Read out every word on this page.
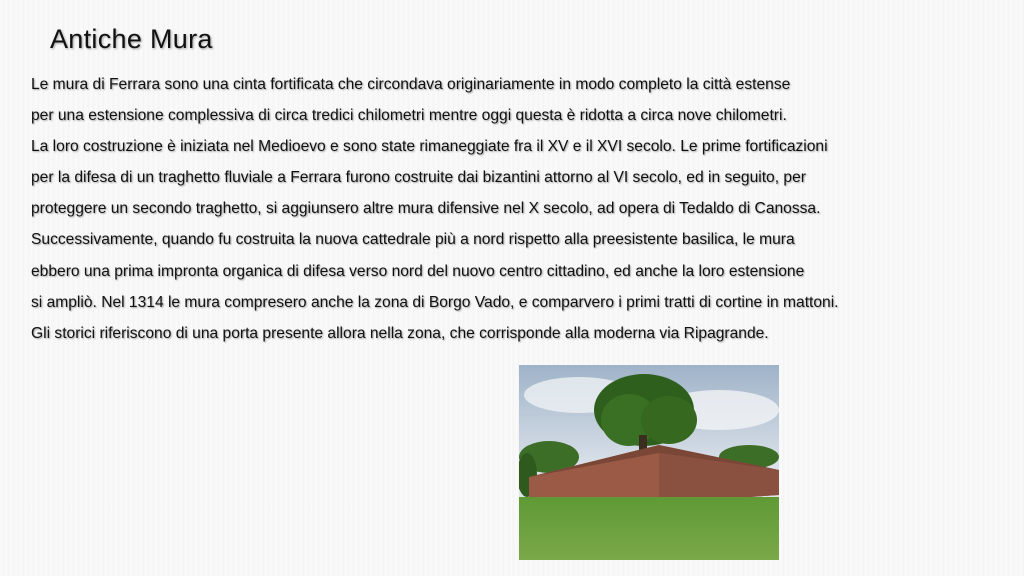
Antiche Mura
Le mura di Ferrara sono una cinta fortificata che circondava originariamente in modo completo la città estense
per una estensione complessiva di circa tredici chilometri mentre oggi questa è ridotta a circa nove chilometri.
La loro costruzione è iniziata nel Medioevo e sono state rimaneggiate fra il XV e il XVI secolo. Le prime fortificazioni
per la difesa di un traghetto fluviale a Ferrara furono costruite dai bizantini attorno al VI secolo, ed in seguito, per
proteggere un secondo traghetto, si aggiunsero altre mura difensive nel X secolo, ad opera di Tedaldo di Canossa.
Successivamente, quando fu costruita la nuova cattedrale più a nord rispetto alla preesistente basilica, le mura
ebbero una prima impronta organica di difesa verso nord del nuovo centro cittadino, ed anche la loro estensione
si ampliò. Nel 1314 le mura compresero anche la zona di Borgo Vado, e comparvero i primi tratti di cortine in mattoni.
Gli storici riferiscono di una porta presente allora nella zona, che corrisponde alla moderna via Ripagrande.
